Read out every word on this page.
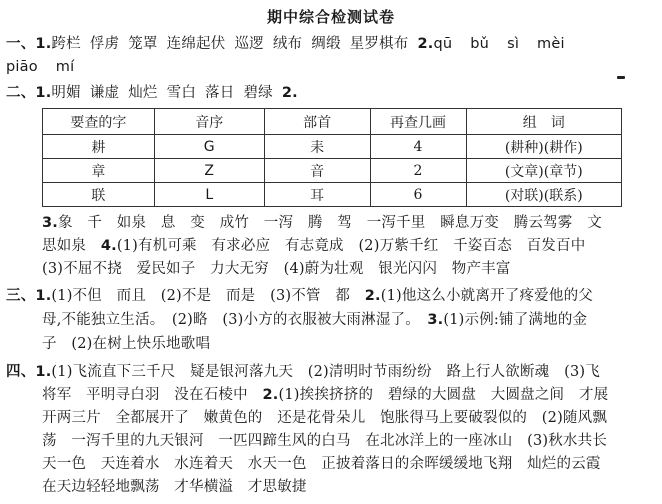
期中综合检测试卷
一、1.跨栏 俘虏 笼罩 连绵起伏 巡逻 绒布 绸缎 星罗棋布 2.qū bǔ sì mèi
piāo mí
二、1.明媚 谦虚 灿烂 雪白 落日 碧绿 2.
要查的字	音序	部首	再查几画	组　词
耕	G	耒	4	(耕种)(耕作)
章	Z	音	2	(文章)(章节)
联	L	耳	6	(对联)(联系)
3.象　千　如泉　息　变　成竹　一泻　腾　驾　一泻千里　瞬息万变　腾云驾雾　文
思如泉　4.(1)有机可乘　有求必应　有志竟成　(2)万紫千红　千姿百态　百发百中
(3)不屈不挠　爱民如子　力大无穷　(4)蔚为壮观　银光闪闪　物产丰富
三、1.(1)不但　而且　(2)不是　而是　(3)不管　都　2.(1)他这么小就离开了疼爱他的父
母,不能独立生活。　(2)略　(3)小方的衣服被大雨淋湿了。　3.(1)示例:铺了满地的金
子　(2)在树上快乐地歌唱
四、1.(1)飞流直下三千尺　疑是银河落九天　(2)清明时节雨纷纷　路上行人欲断魂　(3)飞
将军　平明寻白羽　没在石棱中　2.(1)挨挨挤挤的　碧绿的大圆盘　大圆盘之间　才展
开两三片　全都展开了　嫩黄色的　还是花骨朵儿　饱胀得马上要破裂似的　(2)随风飘
荡　一泻千里的九天银河　一匹四蹄生风的白马　在北冰洋上的一座冰山　(3)秋水共长
天一色　天连着水　水连着天　水天一色　正披着落日的余晖缓缓地飞翔　灿烂的云霞
在天边轻轻地飘荡　才华横溢　才思敏捷
